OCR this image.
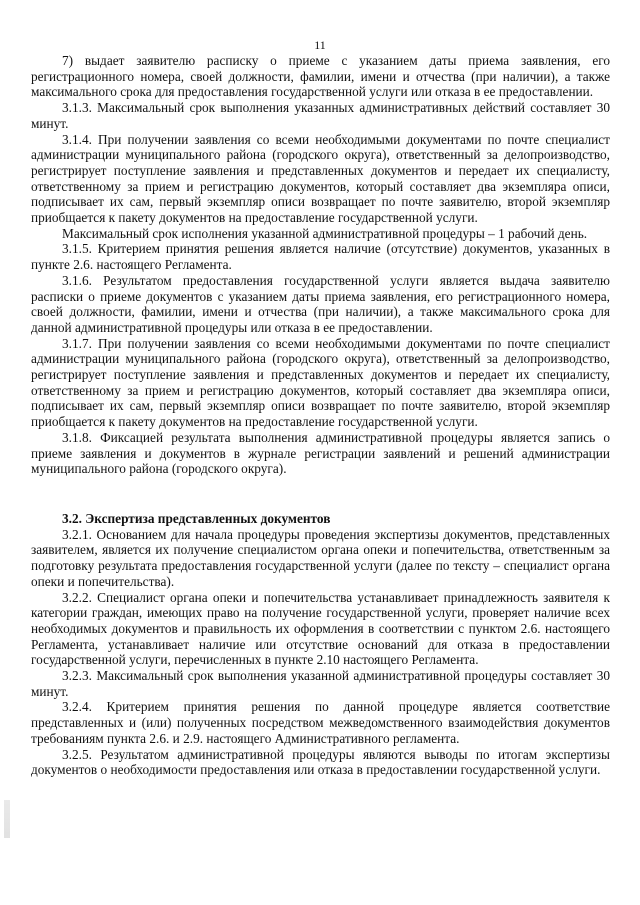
11

7) выдает заявителю расписку о приеме с указанием даты приема заявления, его регистрационного номера, своей должности, фамилии, имени и отчества (при наличии), а также максимального срока для предоставления государственной услуги или отказа в ее предоставлении.

3.1.3. Максимальный срок выполнения указанных административных действий составляет 30 минут.

3.1.4. При получении заявления со всеми необходимыми документами по почте специалист администрации муниципального района (городского округа), ответственный за делопроизводство, регистрирует поступление заявления и представленных документов и передает их специалисту, ответственному за прием и регистрацию документов, который составляет два экземпляра описи, подписывает их сам, первый экземпляр описи возвращает по почте заявителю, второй экземпляр приобщается к пакету документов на предоставление государственной услуги.

Максимальный срок исполнения указанной административной процедуры – 1 рабочий день.

3.1.5. Критерием принятия решения является наличие (отсутствие) документов, указанных в пункте 2.6. настоящего Регламента.

3.1.6. Результатом предоставления государственной услуги является выдача заявителю расписки о приеме документов с указанием даты приема заявления, его регистрационного номера, своей должности, фамилии, имени и отчества (при наличии), а также максимального срока для данной административной процедуры или отказа в ее предоставлении.

3.1.7. При получении заявления со всеми необходимыми документами по почте специалист администрации муниципального района (городского округа), ответственный за делопроизводство, регистрирует поступление заявления и представленных документов и передает их специалисту, ответственному за прием и регистрацию документов, который составляет два экземпляра описи, подписывает их сам, первый экземпляр описи возвращает по почте заявителю, второй экземпляр приобщается к пакету документов на предоставление государственной услуги.

3.1.8. Фиксацией результата выполнения административной процедуры является запись о приеме заявления и документов в журнале регистрации заявлений и решений администрации муниципального района (городского округа).

3.2. Экспертиза представленных документов

3.2.1. Основанием для начала процедуры проведения экспертизы документов, представленных заявителем, является их получение специалистом органа опеки и попечительства, ответственным за подготовку результата предоставления государственной услуги (далее по тексту – специалист органа опеки и попечительства).

3.2.2. Специалист органа опеки и попечительства устанавливает принадлежность заявителя к категории граждан, имеющих право на получение государственной услуги, проверяет наличие всех необходимых документов и правильность их оформления в соответствии с пунктом 2.6. настоящего Регламента, устанавливает наличие или отсутствие оснований для отказа в предоставлении государственной услуги, перечисленных в пункте 2.10 настоящего Регламента.

3.2.3. Максимальный срок выполнения указанной административной процедуры составляет 30 минут.

3.2.4. Критерием принятия решения по данной процедуре является соответствие представленных и (или) полученных посредством межведомственного взаимодействия документов требованиям пункта 2.6. и 2.9. настоящего Административного регламента.

3.2.5. Результатом административной процедуры являются выводы по итогам экспертизы документов о необходимости предоставления или отказа в предоставлении государственной услуги.
